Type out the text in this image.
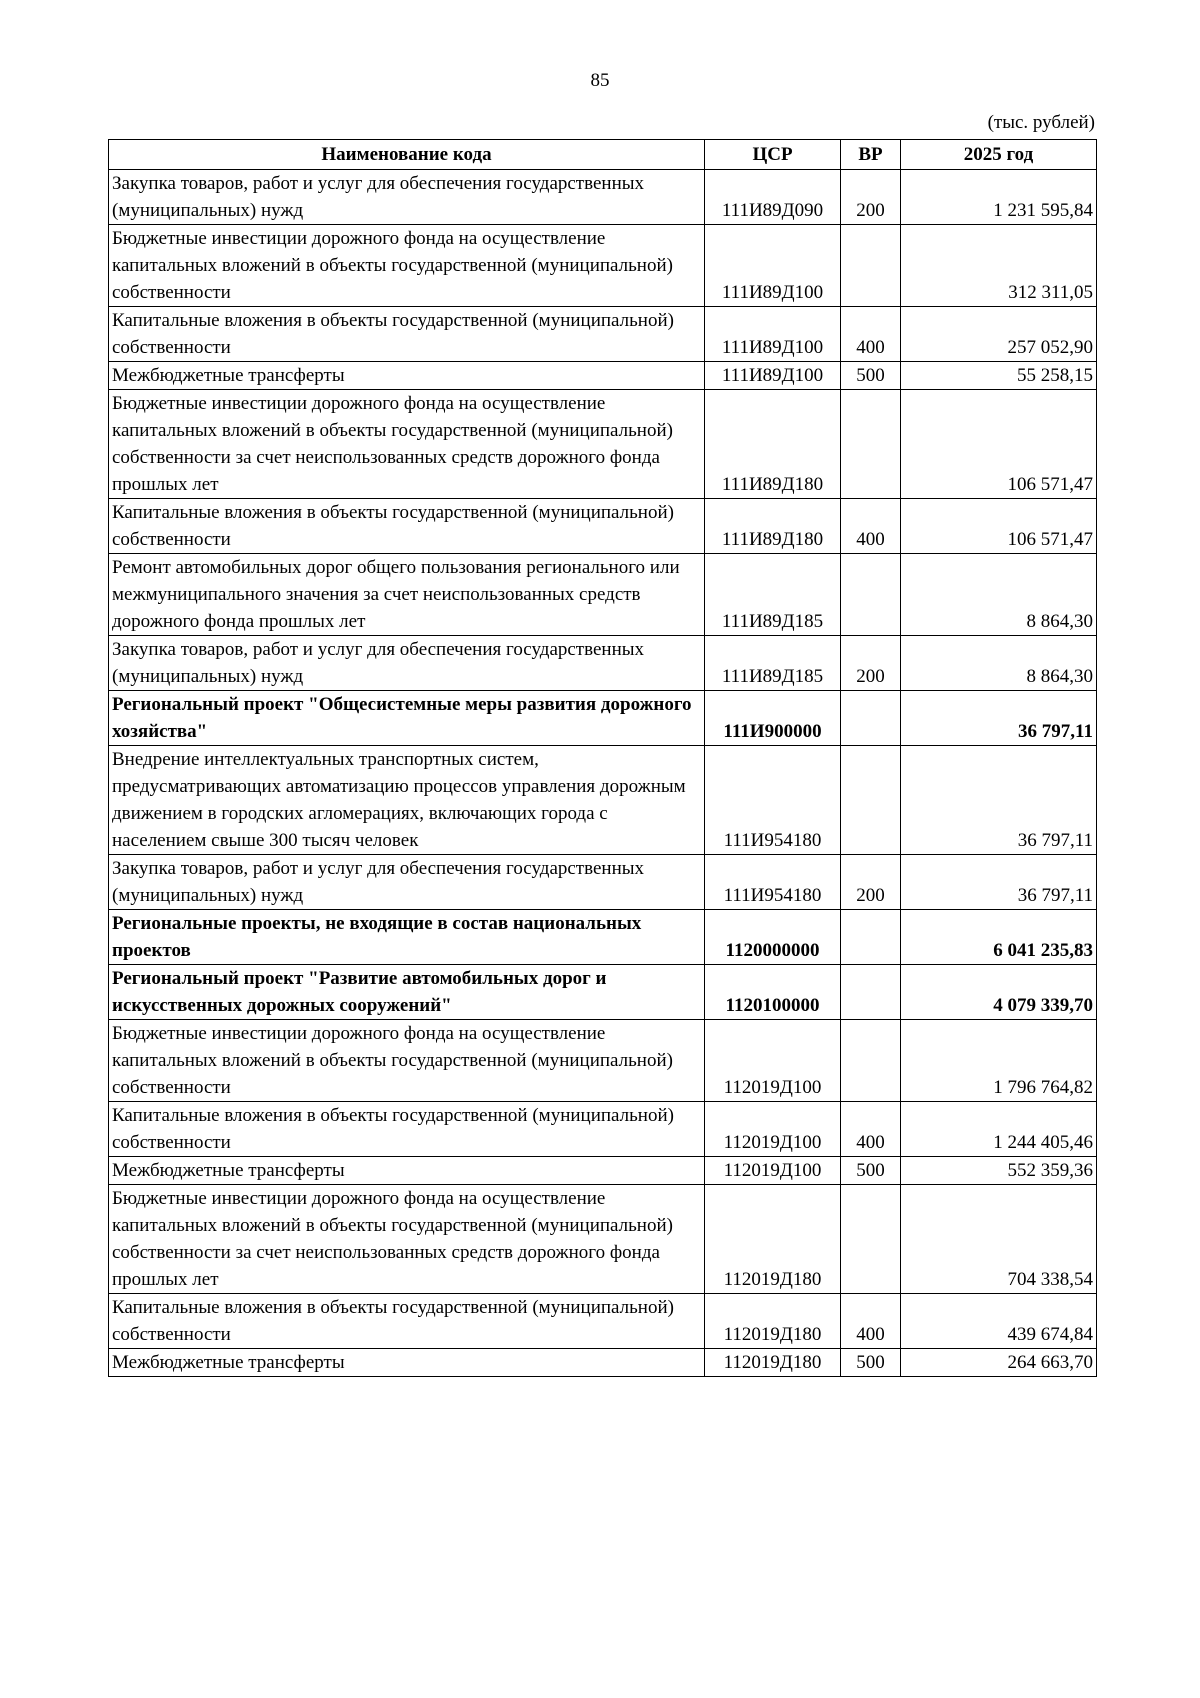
85
(тыс. рублей)
Наименование кода	ЦСР	ВР	2025 год
Закупка товаров, работ и услуг для обеспечения государственных (муниципальных) нужд	111И89Д090	200	1 231 595,84
Бюджетные инвестиции дорожного фонда на осуществление капитальных вложений в объекты государственной (муниципальной) собственности	111И89Д100		312 311,05
Капитальные вложения в объекты государственной (муниципальной) собственности	111И89Д100	400	257 052,90
Межбюджетные трансферты	111И89Д100	500	55 258,15
Бюджетные инвестиции дорожного фонда на осуществление капитальных вложений в объекты государственной (муниципальной) собственности за счет неиспользованных средств дорожного фонда прошлых лет	111И89Д180		106 571,47
Капитальные вложения в объекты государственной (муниципальной) собственности	111И89Д180	400	106 571,47
Ремонт автомобильных дорог общего пользования регионального или межмуниципального значения за счет неиспользованных средств дорожного фонда прошлых лет	111И89Д185		8 864,30
Закупка товаров, работ и услуг для обеспечения государственных (муниципальных) нужд	111И89Д185	200	8 864,30
Региональный проект "Общесистемные меры развития дорожного хозяйства"	111И900000		36 797,11
Внедрение интеллектуальных транспортных систем, предусматривающих автоматизацию процессов управления дорожным движением в городских агломерациях, включающих города с населением свыше 300 тысяч человек	111И954180		36 797,11
Закупка товаров, работ и услуг для обеспечения государственных (муниципальных) нужд	111И954180	200	36 797,11
Региональные проекты, не входящие в состав национальных проектов	1120000000		6 041 235,83
Региональный проект "Развитие автомобильных дорог и искусственных дорожных сооружений"	1120100000		4 079 339,70
Бюджетные инвестиции дорожного фонда на осуществление капитальных вложений в объекты государственной (муниципальной) собственности	112019Д100		1 796 764,82
Капитальные вложения в объекты государственной (муниципальной) собственности	112019Д100	400	1 244 405,46
Межбюджетные трансферты	112019Д100	500	552 359,36
Бюджетные инвестиции дорожного фонда на осуществление капитальных вложений в объекты государственной (муниципальной) собственности за счет неиспользованных средств дорожного фонда прошлых лет	112019Д180		704 338,54
Капитальные вложения в объекты государственной (муниципальной) собственности	112019Д180	400	439 674,84
Межбюджетные трансферты	112019Д180	500	264 663,70
